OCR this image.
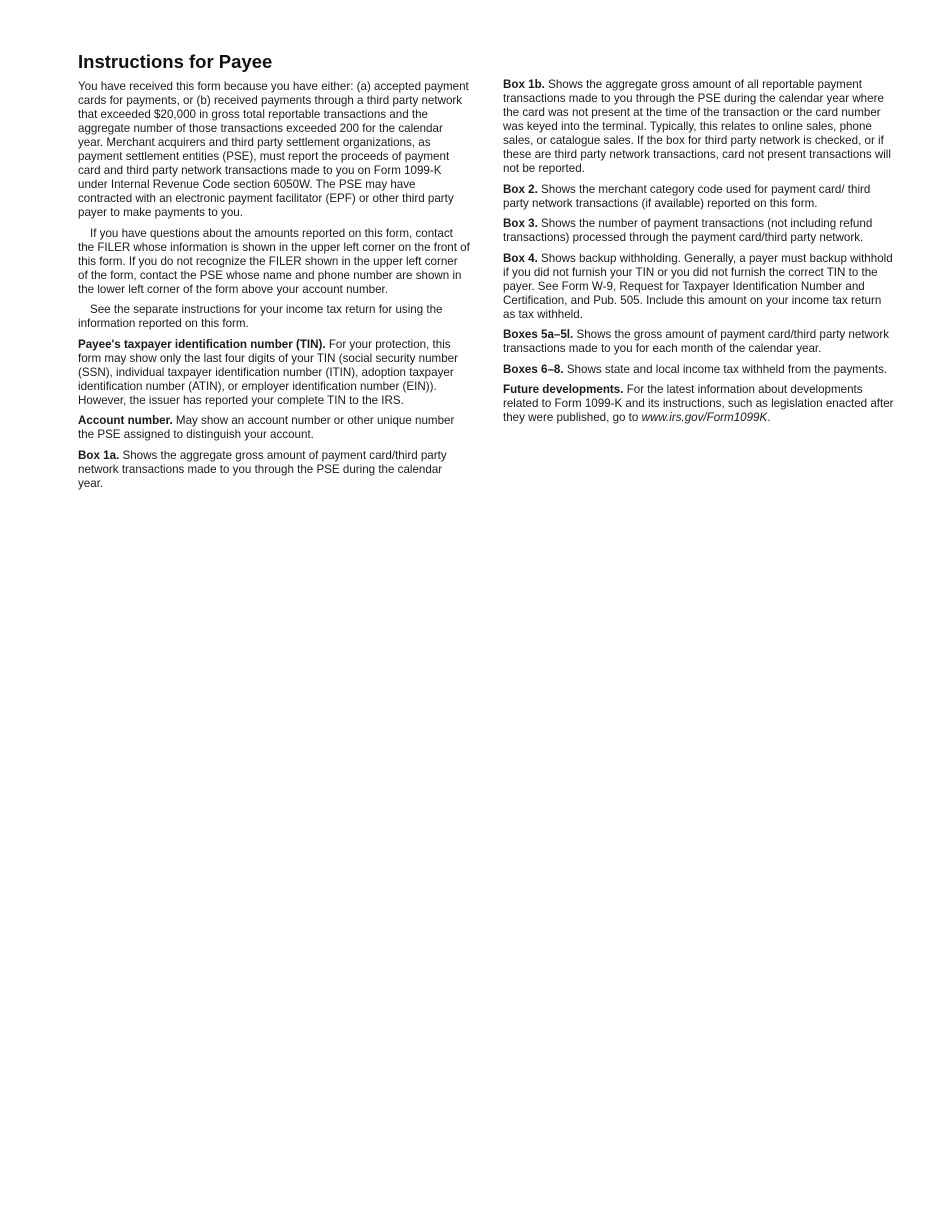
Instructions for Payee

You have received this form because you have either: (a) accepted payment cards for payments, or (b) received payments through a third party network that exceeded $20,000 in gross total reportable transactions and the aggregate number of those transactions exceeded 200 for the calendar year. Merchant acquirers and third party settlement organizations, as payment settlement entities (PSE), must report the proceeds of payment card and third party network transactions made to you on Form 1099-K under Internal Revenue Code section 6050W. The PSE may have contracted with an electronic payment facilitator (EPF) or other third party payer to make payments to you.

If you have questions about the amounts reported on this form, contact the FILER whose information is shown in the upper left corner on the front of this form. If you do not recognize the FILER shown in the upper left corner of the form, contact the PSE whose name and phone number are shown in the lower left corner of the form above your account number.

See the separate instructions for your income tax return for using the information reported on this form.

Payee's taxpayer identification number (TIN). For your protection, this form may show only the last four digits of your TIN (social security number (SSN), individual taxpayer identification number (ITIN), adoption taxpayer identification number (ATIN), or employer identification number (EIN)). However, the issuer has reported your complete TIN to the IRS.

Account number. May show an account number or other unique number the PSE assigned to distinguish your account.

Box 1a. Shows the aggregate gross amount of payment card/third party network transactions made to you through the PSE during the calendar year.

Box 1b. Shows the aggregate gross amount of all reportable payment transactions made to you through the PSE during the calendar year where the card was not present at the time of the transaction or the card number was keyed into the terminal. Typically, this relates to online sales, phone sales, or catalogue sales. If the box for third party network is checked, or if these are third party network transactions, card not present transactions will not be reported.

Box 2. Shows the merchant category code used for payment card/ third party network transactions (if available) reported on this form.

Box 3. Shows the number of payment transactions (not including refund transactions) processed through the payment card/third party network.

Box 4. Shows backup withholding. Generally, a payer must backup withhold if you did not furnish your TIN or you did not furnish the correct TIN to the payer. See Form W-9, Request for Taxpayer Identification Number and Certification, and Pub. 505. Include this amount on your income tax return as tax withheld.

Boxes 5a–5l. Shows the gross amount of payment card/third party network transactions made to you for each month of the calendar year.

Boxes 6–8. Shows state and local income tax withheld from the payments.

Future developments. For the latest information about developments related to Form 1099-K and its instructions, such as legislation enacted after they were published, go to www.irs.gov/Form1099K.
